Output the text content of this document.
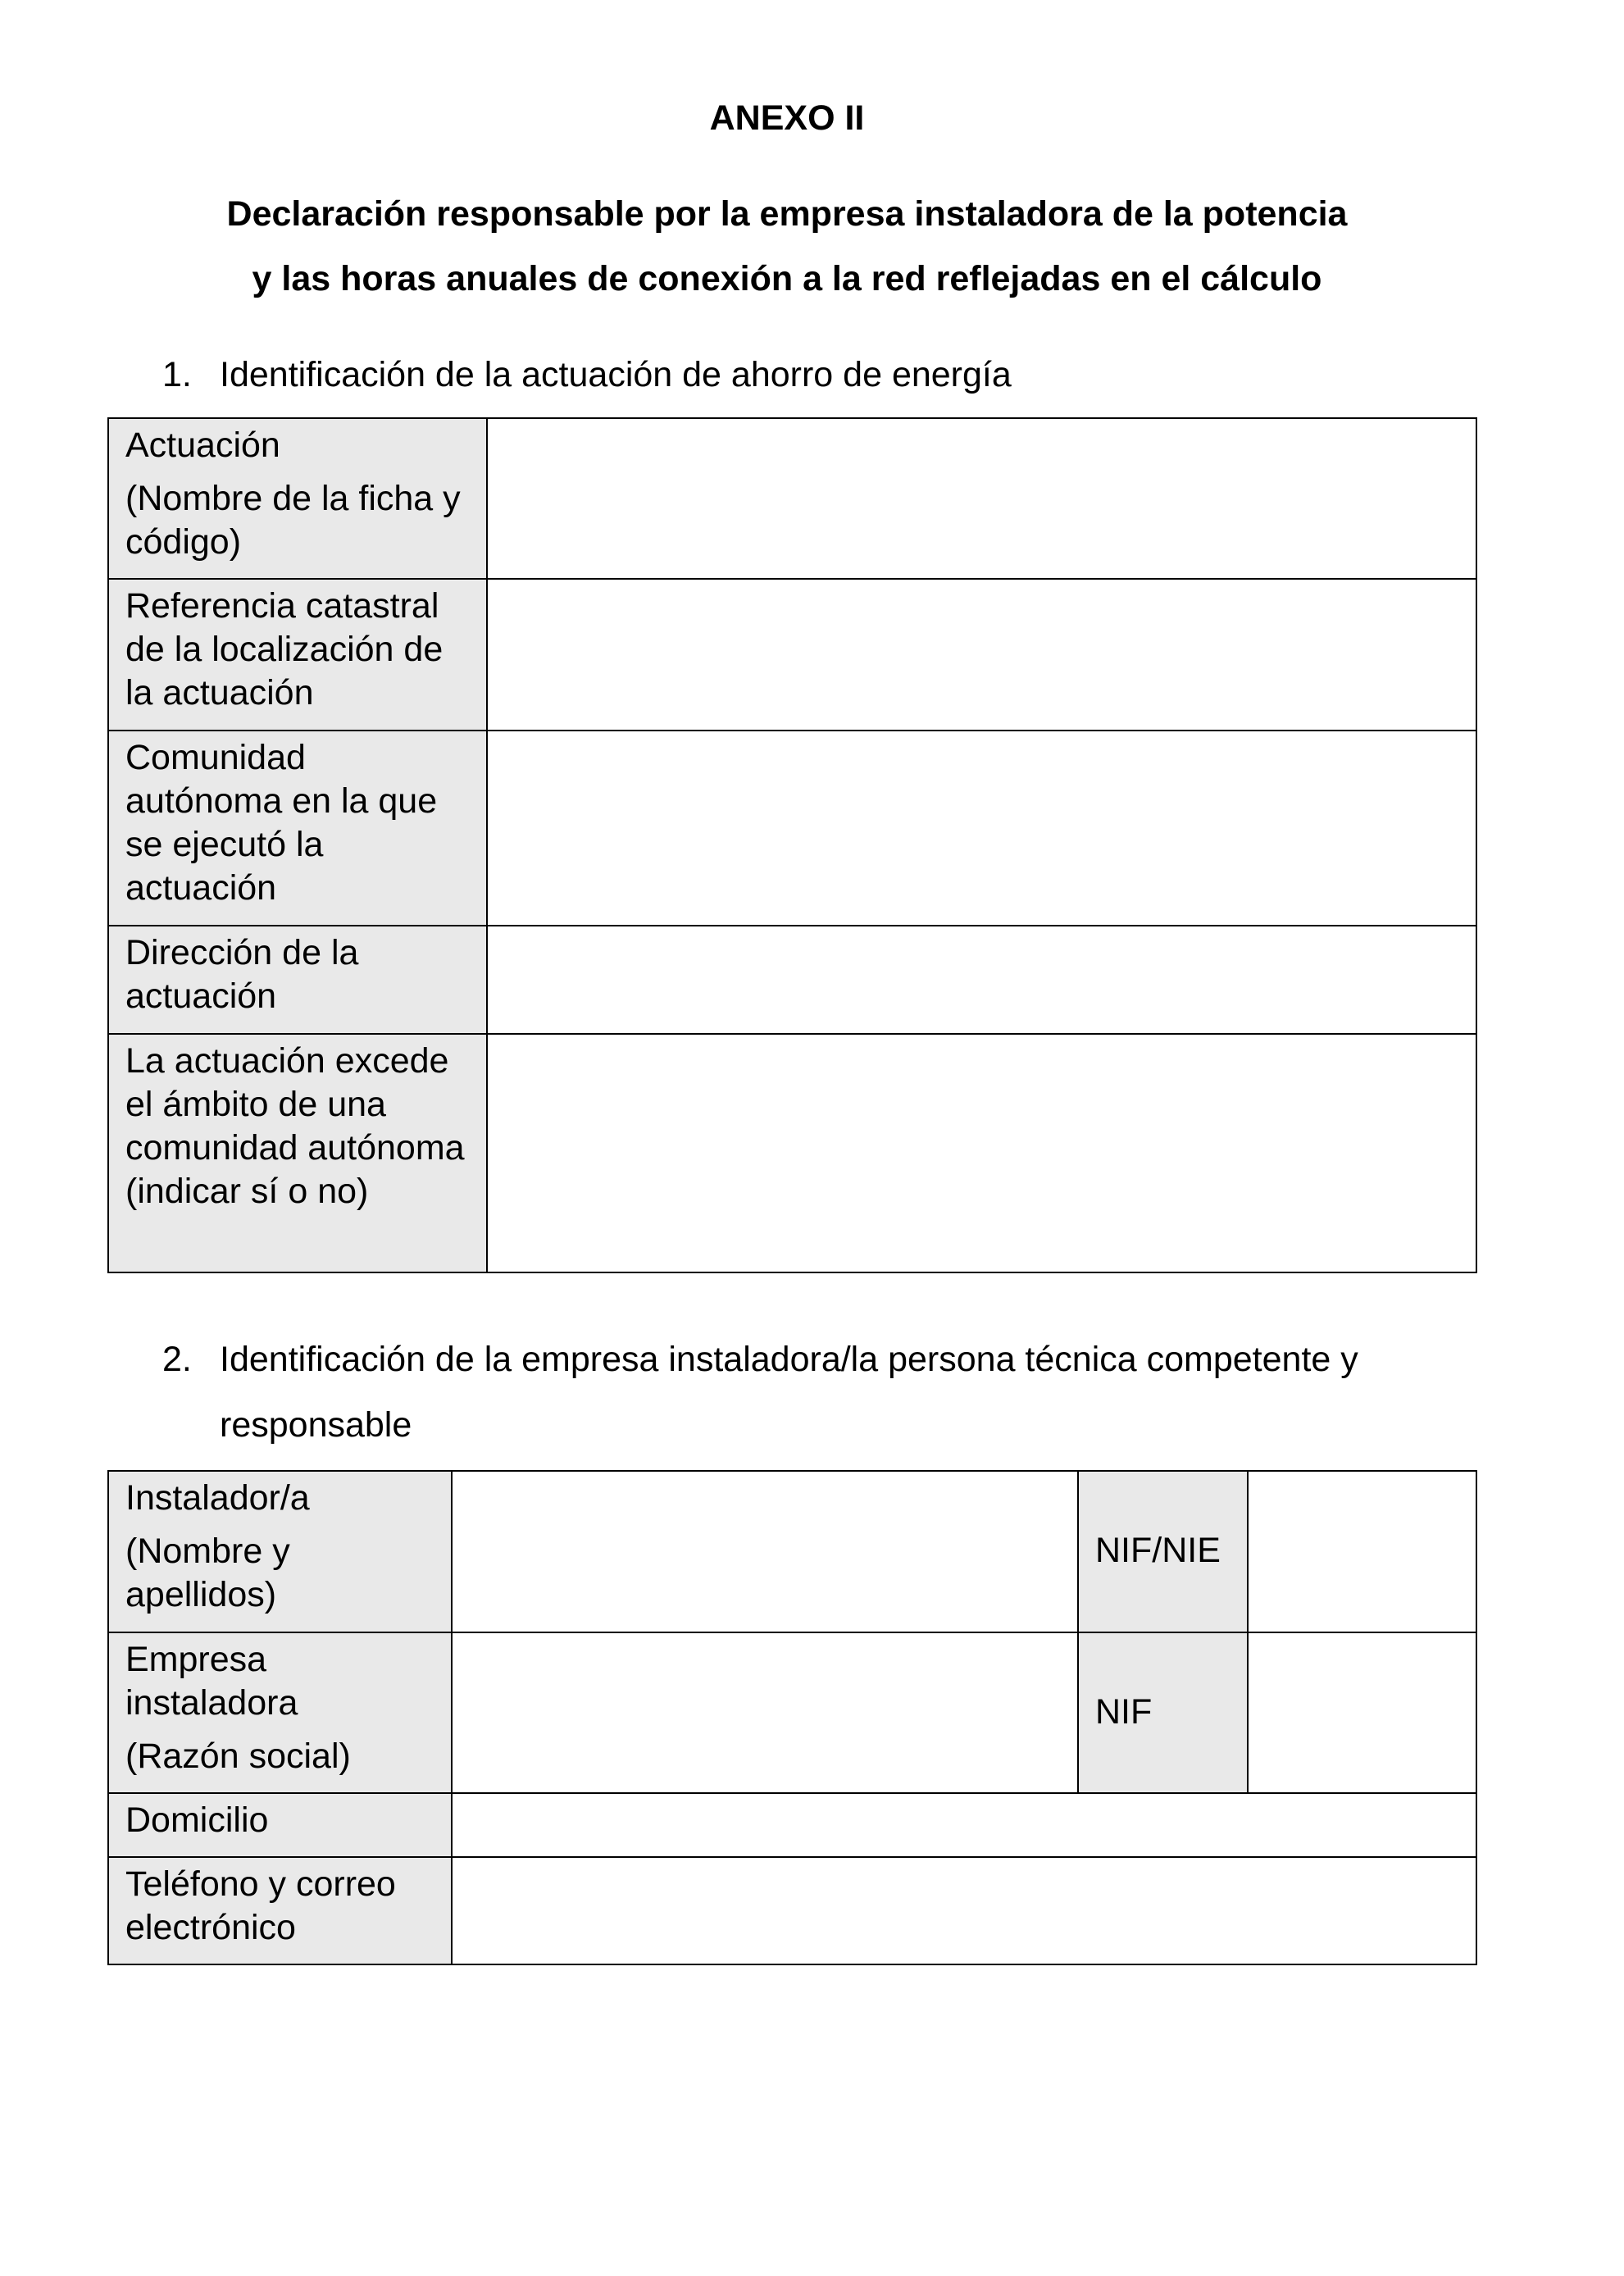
ANEXO II
Declaración responsable por la empresa instaladora de la potencia
y las horas anuales de conexión a la red reflejadas en el cálculo
1. Identificación de la actuación de ahorro de energía
Actuación
(Nombre de la ficha y código)	

Referencia catastral de la localización de la actuación	

Comunidad autónoma en la que se ejecutó la actuación	

Dirección de la actuación	

La actuación excede el ámbito de una comunidad autónoma (indicar sí o no)	

2. Identificación de la empresa instaladora/la persona técnica competente y
responsable
Instalador/a
(Nombre y apellidos)		NIF/NIE	

Empresa instaladora
(Razón social)		NIF	

Domicilio			

Teléfono y correo electrónico			
